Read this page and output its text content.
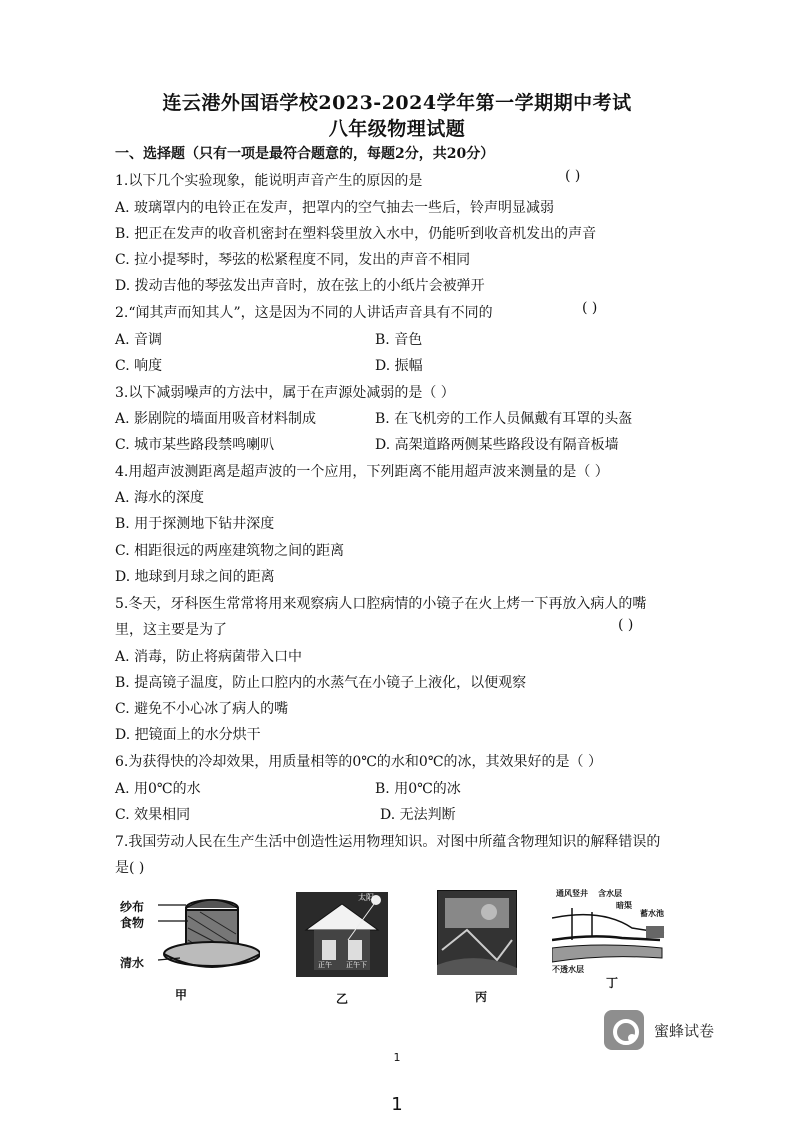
连云港外国语学校2023-2024学年第一学期期中考试
八年级物理试题
一、选择题（只有一项是最符合题意的，每题2分，共20分）
1.以下几个实验现象，能说明声音产生的原因的是	( )
A. 玻璃罩内的电铃正在发声，把罩内的空气抽去一些后，铃声明显减弱
B. 把正在发声的收音机密封在塑料袋里放入水中，仍能听到收音机发出的声音
C. 拉小提琴时，琴弦的松紧程度不同，发出的声音不相同
D. 拨动吉他的琴弦发出声音时，放在弦上的小纸片会被弹开
2.“闻其声而知其人”，这是因为不同的人讲话声音具有不同的	( )
A. 音调	B. 音色
C. 响度	D. 振幅
3.以下减弱噪声的方法中，属于在声源处减弱的是（ ）
A. 影剧院的墙面用吸音材料制成	B. 在飞机旁的工作人员佩戴有耳罩的头盔
C. 城市某些路段禁鸣喇叭	D. 高架道路两侧某些路段设有隔音板墙
4.用超声波测距离是超声波的一个应用，下列距离不能用超声波来测量的是（ ）
A. 海水的深度
B. 用于探测地下钻井深度
C. 相距很远的两座建筑物之间的距离
D. 地球到月球之间的距离
5.冬天，牙科医生常常将用来观察病人口腔病情的小镜子在火上烤一下再放入病人的嘴
里，这主要是为了	( )
A. 消毒，防止将病菌带入口中
B. 提高镜子温度，防止口腔内的水蒸气在小镜子上液化，以便观察
C. 避免不小心冰了病人的嘴
D. 把镜面上的水分烘干
6.为获得快的冷却效果，用质量相等的0℃的水和0℃的冰，其效果好的是（ ）
A. 用0℃的水	B. 用0℃的冰
C. 效果相同	D. 无法判断
7.我国劳动人民在生产生活中创造性运用物理知识。对图中所蕴含物理知识的解释错误的
是( )
纱布
食物
清水
甲
太阳
正午 正午下
乙	丙
通风竖井 含水层
暗渠
蓄水池
不透水层
丁
蜜蜂试卷
1
1
